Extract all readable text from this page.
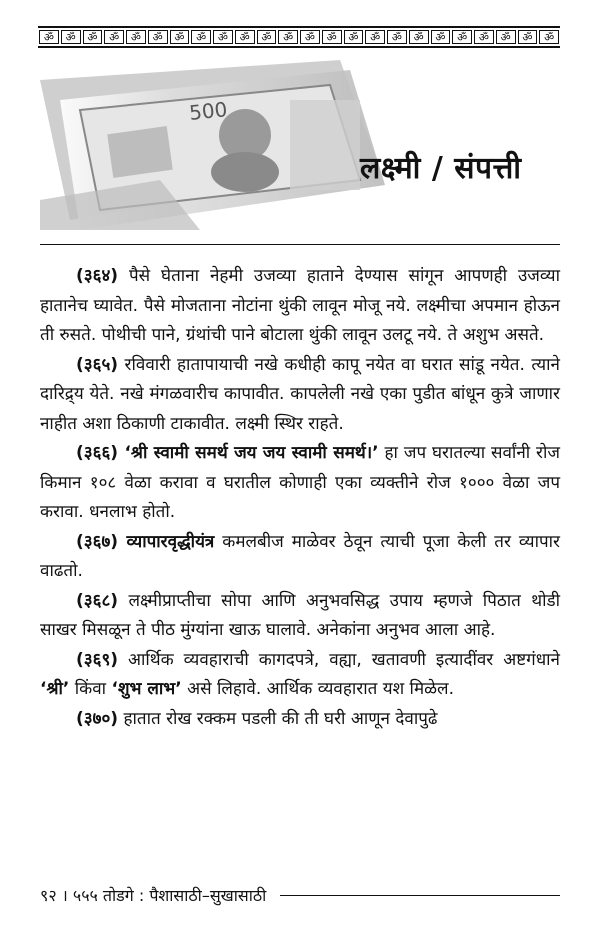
ॐ	ॐ	ॐ	ॐ	ॐ	ॐ	ॐ	ॐ	ॐ	ॐ	ॐ	ॐ	ॐ	ॐ	ॐ	ॐ	ॐ	ॐ	ॐ	ॐ	ॐ	ॐ	ॐ	ॐ
500
लक्ष्मी / संपत्ती

(३६४) पैसे घेताना नेहमी उजव्या हाताने देण्यास सांगून आपणही उजव्या हातानेच घ्यावेत. पैसे मोजताना नोटांना थुंकी लावून मोजू नये. लक्ष्मीचा अपमान होऊन ती रुसते. पोथीची पाने, ग्रंथांची पाने बोटाला थुंकी लावून उलटू नये. ते अशुभ असते.

(३६५) रविवारी हातापायाची नखे कधीही कापू नयेत वा घरात सांडू नयेत. त्याने दारिद्र्य येते. नखे मंगळवारीच कापावीत. कापलेली नखे एका पुडीत बांधून कुत्रे जाणार नाहीत अशा ठिकाणी टाकावीत. लक्ष्मी स्थिर राहते.

(३६६) ‘श्री स्वामी समर्थ जय जय स्वामी समर्थ।’ हा जप घरातल्या सर्वांनी रोज किमान १०८ वेळा करावा व घरातील कोणाही एका व्यक्तीने रोज १००० वेळा जप करावा. धनलाभ होतो.

(३६७) व्यापारवृद्धीयंत्र कमलबीज माळेवर ठेवून त्याची पूजा केली तर व्यापार वाढतो.

(३६८) लक्ष्मीप्राप्तीचा सोपा आणि अनुभवसिद्ध उपाय म्हणजे पिठात थोडी साखर मिसळून ते पीठ मुंग्यांना खाऊ घालावे. अनेकांना अनुभव आला आहे.

(३६९) आर्थिक व्यवहाराची कागदपत्रे, वह्या, खतावणी इत्यादींवर अष्टगंधाने ‘श्री’ किंवा ‘शुभ लाभ’ असे लिहावे. आर्थिक व्यवहारात यश मिळेल.

(३७०) हातात रोख रक्कम पडली की ती घरी आणून देवापुढे

९२ । ५५५ तोडगे : पैशासाठी–सुखासाठी
